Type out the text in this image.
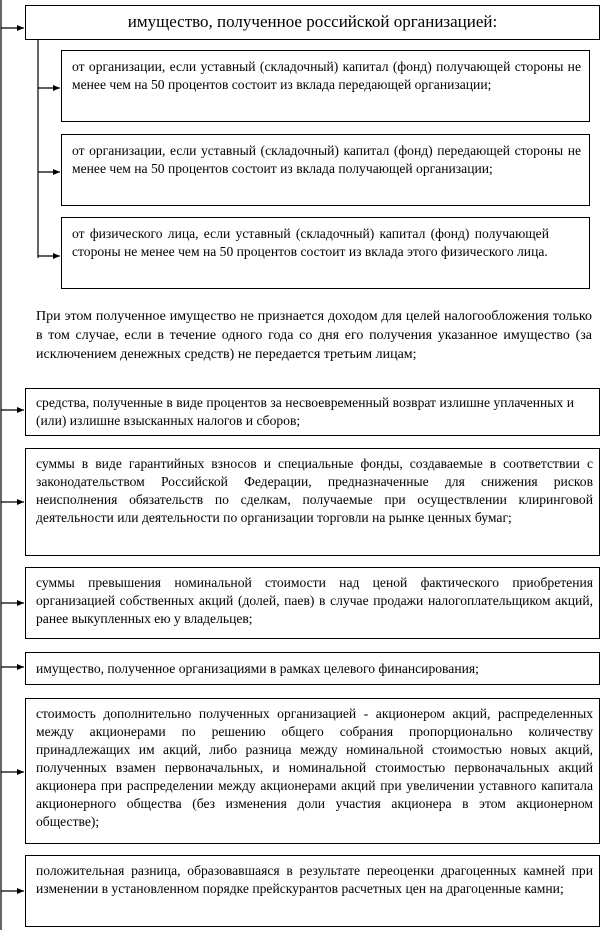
имущество, полученное российской организацией:
от организации, если уставный (складочный) капитал (фонд) получающей стороны не менее чем на 50 процентов состоит из вклада передающей организации;
от организации, если уставный (складочный) капитал (фонд) передающей стороны не менее чем на 50 процентов состоит из вклада получающей организации;
от физического лица, если уставный (складочный) капитал (фонд) получающей стороны не менее чем на 50 процентов состоит из вклада этого физического лица.
При этом полученное имущество не признается доходом для целей налогообложения только в том случае, если в течение одного года со дня его получения указанное имущество (за исключением денежных средств) не передается третьим лицам;
средства, полученные в виде процентов за несвоевременный возврат излишне уплаченных и (или) излишне взысканных налогов и сборов;
суммы в виде гарантийных взносов и специальные фонды, создаваемые в соответствии с законодательством Российской Федерации, предназначенные для снижения рисков неисполнения обязательств по сделкам, получаемые при осуществлении клиринговой деятельности или деятельности по организации торговли на рынке ценных бумаг;
суммы превышения номинальной стоимости над ценой фактического приобретения организацией собственных акций (долей, паев) в случае продажи налогоплательщиком акций, ранее выкупленных ею у владельцев;
имущество, полученное организациями в рамках целевого финансирования;
стоимость дополнительно полученных организацией - акционером акций, распределенных между акционерами по решению общего собрания пропорционально количеству принадлежащих им акций, либо разница между номинальной стоимостью новых акций, полученных взамен первоначальных, и номинальной стоимостью первоначальных акций акционера при распределении между акционерами акций при увеличении уставного капитала акционерного общества (без изменения доли участия акционера в этом акционерном обществе);
положительная разница, образовавшаяся в результате переоценки драгоценных камней при изменении в установленном порядке прейскурантов расчетных цен на драгоценные камни;
